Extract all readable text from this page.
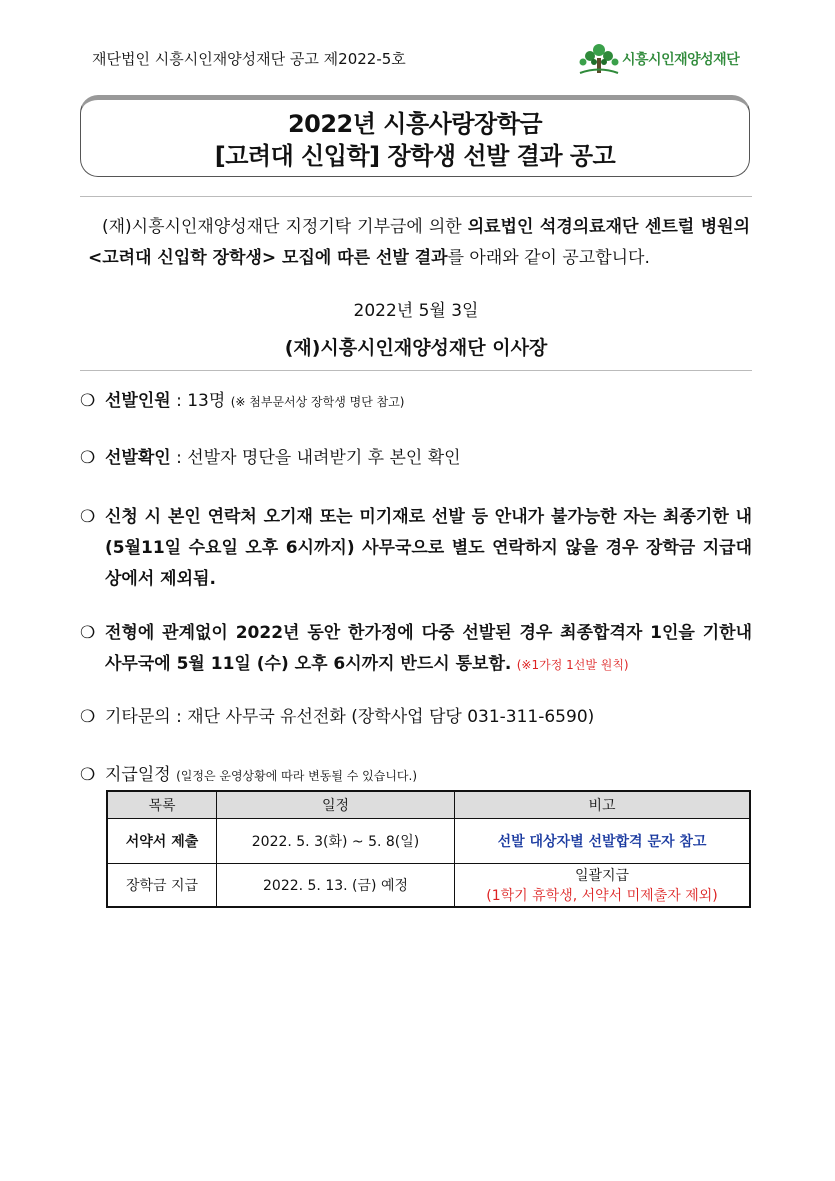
재단법인 시흥시인재양성재단 공고 제2022-5호	시흥시인재양성재단
2022년 시흥사랑장학금
[고려대 신입학] 장학생 선발 결과 공고
(재)시흥시인재양성재단 지정기탁 기부금에 의한 의료법인 석경의료재단 센트럴 병원의 <고려대 신입학 장학생> 모집에 따른 선발 결과를 아래와 같이 공고합니다.
2022년 5월 3일
(재)시흥시인재양성재단 이사장
❍ 선발인원 : 13명 (※ 첨부문서상 장학생 명단 참고)
❍ 선발확인 : 선발자 명단을 내려받기 후 본인 확인
❍ 신청 시 본인 연락처 오기재 또는 미기재로 선발 등 안내가 불가능한 자는 최종기한 내(5월11일 수요일 오후 6시까지) 사무국으로 별도 연락하지 않을 경우 장학금 지급대상에서 제외됨.
❍ 전형에 관계없이 2022년 동안 한가정에 다중 선발된 경우 최종합격자 1인을 기한내 사무국에 5월 11일 (수) 오후 6시까지 반드시 통보함. (※1가정 1선발 원칙)
❍ 기타문의 : 재단 사무국 유선전화 (장학사업 담당 031-311-6590)
❍ 지급일정 (일정은 운영상황에 따라 변동될 수 있습니다.)
목록	일정	비고
서약서 제출	2022. 5. 3(화) ~ 5. 8(일)	선발 대상자별 선발합격 문자 참고
장학금 지급	2022. 5. 13. (금) 예정	일괄지급
(1학기 휴학생, 서약서 미제출자 제외)
